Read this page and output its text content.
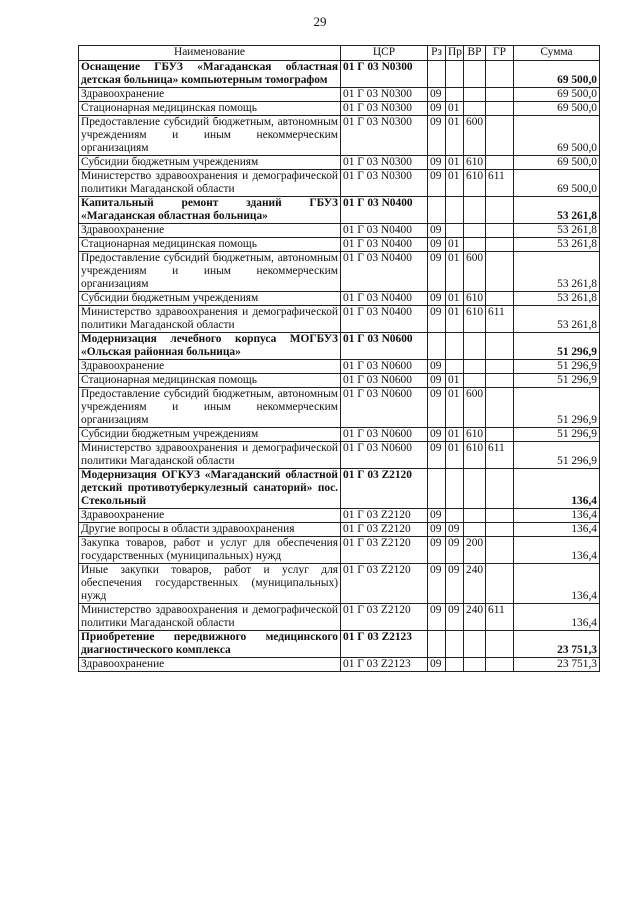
29
Наименование	ЦСР	Рз	Пр	ВР	ГР	Сумма
Оснащение ГБУЗ «Магаданская областная детская больница» компьютерным томографом	01 Г 03 N0300					69 500,0
Здравоохранение	01 Г 03 N0300	09				69 500,0
Стационарная медицинская помощь	01 Г 03 N0300	09	01			69 500,0
Предоставление субсидий бюджетным, автономным учреждениям и иным некоммерческим организациям	01 Г 03 N0300	09	01	600		69 500,0
Субсидии бюджетным учреждениям	01 Г 03 N0300	09	01	610		69 500,0
Министерство здравоохранения и демографической политики Магаданской области	01 Г 03 N0300	09	01	610	611	69 500,0
Капитальный ремонт зданий ГБУЗ «Магаданская областная больница»	01 Г 03 N0400					53 261,8
Здравоохранение	01 Г 03 N0400	09				53 261,8
Стационарная медицинская помощь	01 Г 03 N0400	09	01			53 261,8
Предоставление субсидий бюджетным, автономным учреждениям и иным некоммерческим организациям	01 Г 03 N0400	09	01	600		53 261,8
Субсидии бюджетным учреждениям	01 Г 03 N0400	09	01	610		53 261,8
Министерство здравоохранения и демографической политики Магаданской области	01 Г 03 N0400	09	01	610	611	53 261,8
Модернизация лечебного корпуса МОГБУЗ «Ольская районная больница»	01 Г 03 N0600					51 296,9
Здравоохранение	01 Г 03 N0600	09				51 296,9
Стационарная медицинская помощь	01 Г 03 N0600	09	01			51 296,9
Предоставление субсидий бюджетным, автономным учреждениям и иным некоммерческим организациям	01 Г 03 N0600	09	01	600		51 296,9
Субсидии бюджетным учреждениям	01 Г 03 N0600	09	01	610		51 296,9
Министерство здравоохранения и демографической политики Магаданской области	01 Г 03 N0600	09	01	610	611	51 296,9
Модернизация ОГКУЗ «Магаданский областной детский противотуберкулезный санаторий» пос. Стекольный	01 Г 03 Z2120					136,4
Здравоохранение	01 Г 03 Z2120	09				136,4
Другие вопросы в области здравоохранения	01 Г 03 Z2120	09	09			136,4
Закупка товаров, работ и услуг для обеспечения государственных (муниципальных) нужд	01 Г 03 Z2120	09	09	200		136,4
Иные закупки товаров, работ и услуг для обеспечения государственных (муниципальных) нужд	01 Г 03 Z2120	09	09	240		136,4
Министерство здравоохранения и демографической политики Магаданской области	01 Г 03 Z2120	09	09	240	611	136,4
Приобретение передвижного медицинского диагностического комплекса	01 Г 03 Z2123					23 751,3
Здравоохранение	01 Г 03 Z2123	09				23 751,3
